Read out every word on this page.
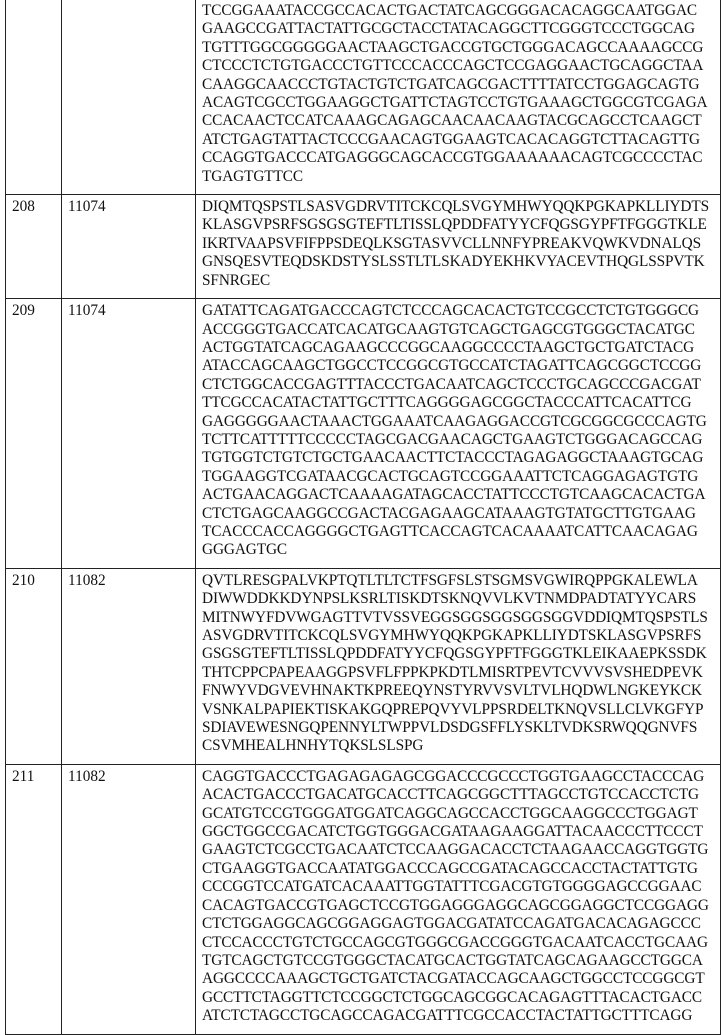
TCCGGAAATACCGCCACACTGACTATCAGCGGGACACAGGCAATGGAC
GAAGCCGATTACTATTGCGCTACCTATACAGGCTTCGGGTCCCTGGCAG
TGTTTGGCGGGGGAACTAAGCTGACCGTGCTGGGACAGCCAAAAGCCG
CTCCCTCTGTGACCCTGTTCCCACCCAGCTCCGAGGAACTGCAGGCTAA
CAAGGCAACCCTGTACTGTCTGATCAGCGACTTTTATCCTGGAGCAGTG
ACAGTCGCCTGGAAGGCTGATTCTAGTCCTGTGAAAGCTGGCGTCGAGA
CCACAACTCCATCAAAGCAGAGCAACAACAAGTACGCAGCCTCAAGCT
ATCTGAGTATTACTCCCGAACAGTGGAAGTCACACAGGTCTTACAGTTG
CCAGGTGACCCATGAGGGCAGCACCGTGGAAAAAACAGTCGCCCCTAC
TGAGTGTTCC

208	11074	DIQMTQSPSTLSASVGDRVTITCKCQLSVGYMHWYQQKPGKAPKLLIYDTS
KLASGVPSRFSGSGSGTEFTLTISSLQPDDFATYYCFQGSGYPFTFGGGTKLE
IKRTVAAPSVFIFPPSDEQLKSGTASVVCLLNNFYPREAKVQWKVDNALQS
GNSQESVTEQDSKDSTYSLSSTLTLSKADYEKHKVYACEVTHQGLSSPVTK
SFNRGEC

209	11074	GATATTCAGATGACCCAGTCTCCCAGCACACTGTCCGCCTCTGTGGGCG
ACCGGGTGACCATCACATGCAAGTGTCAGCTGAGCGTGGGCTACATGC
ACTGGTATCAGCAGAAGCCCGGCAAGGCCCCTAAGCTGCTGATCTACG
ATACCAGCAAGCTGGCCTCCGGCGTGCCATCTAGATTCAGCGGCTCCGG
CTCTGGCACCGAGTTTACCCTGACAATCAGCTCCCTGCAGCCCGACGAT
TTCGCCACATACTATTGCTTTCAGGGGAGCGGCTACCCATTCACATTCG
GAGGGGGAACTAAACTGGAAATCAAGAGGACCGTCGCGGCGCCCAGTG
TCTTCATTTTTCCCCCTAGCGACGAACAGCTGAAGTCTGGGACAGCCAG
TGTGGTCTGTCTGCTGAACAACTTCTACCCTAGAGAGGCTAAAGTGCAG
TGGAAGGTCGATAACGCACTGCAGTCCGGAAATTCTCAGGAGAGTGTG
ACTGAACAGGACTCAAAAGATAGCACCTATTCCCTGTCAAGCACACTGA
CTCTGAGCAAGGCCGACTACGAGAAGCATAAAGTGTATGCTTGTGAAG
TCACCCACCAGGGGCTGAGTTCACCAGTCACAAAATCATTCAACAGAG
GGGAGTGC

210	11082	QVTLRESGPALVKPTQTLTLTCTFSGFSLSTSGMSVGWIRQPPGKALEWLA
DIWWDDKKDYNPSLKSRLTISKDTSKNQVVLKVTNMDPADTATYYCARS
MITNWYFDVWGAGTTVTVSSVEGGSGGSGGSGGSGGVDDIQMTQSPSTLS
ASVGDRVTITCKCQLSVGYMHWYQQKPGKAPKLLIYDTSKLASGVPSRFS
GSGSGTEFTLTISSLQPDDFATYYCFQGSGYPFTFGGGTKLEIKAAEPKSSDK
THTCPPCPAPEAAGGPSVFLFPPKPKDTLMISRTPEVTCVVVSVSHEDPEVK
FNWYVDGVEVHNAKTKPREEQYNSTYRVVSVLTVLHQDWLNGKEYKCK
VSNKALPAPIEKTISKAKGQPREPQVYVLPPSRDELTKNQVSLLCLVKGFYP
SDIAVEWESNGQPENNYLTWPPVLDSDGSFFLYSKLTVDKSRWQQGNVFS
CSVMHEALHNHYTQKSLSLSPG

211	11082	CAGGTGACCCTGAGAGAGAGCGGACCCGCCCTGGTGAAGCCTACCCAG
ACACTGACCCTGACATGCACCTTCAGCGGCTTTAGCCTGTCCACCTCTG
GCATGTCCGTGGGATGGATCAGGCAGCCACCTGGCAAGGCCCTGGAGT
GGCTGGCCGACATCTGGTGGGACGATAAGAAGGATTACAACCCTTCCCT
GAAGTCTCGCCTGACAATCTCCAAGGACACCTCTAAGAACCAGGTGGTG
CTGAAGGTGACCAATATGGACCCAGCCGATACAGCCACCTACTATTGTG
CCCGGTCCATGATCACAAATTGGTATTTCGACGTGTGGGGAGCCGGAAC
CACAGTGACCGTGAGCTCCGTGGAGGGAGGCAGCGGAGGCTCCGGAGG
CTCTGGAGGCAGCGGAGGAGTGGACGATATCCAGATGACACAGAGCCC
CTCCACCCTGTCTGCCAGCGTGGGCGACCGGGTGACAATCACCTGCAAG
TGTCAGCTGTCCGTGGGCTACATGCACTGGTATCAGCAGAAGCCTGGCA
AGGCCCCAAAGCTGCTGATCTACGATACCAGCAAGCTGGCCTCCGGCGT
GCCTTCTAGGTTCTCCGGCTCTGGCAGCGGCACAGAGTTTACACTGACC
ATCTCTAGCCTGCAGCCAGACGATTTCGCCACCTACTATTGCTTTCAGG
